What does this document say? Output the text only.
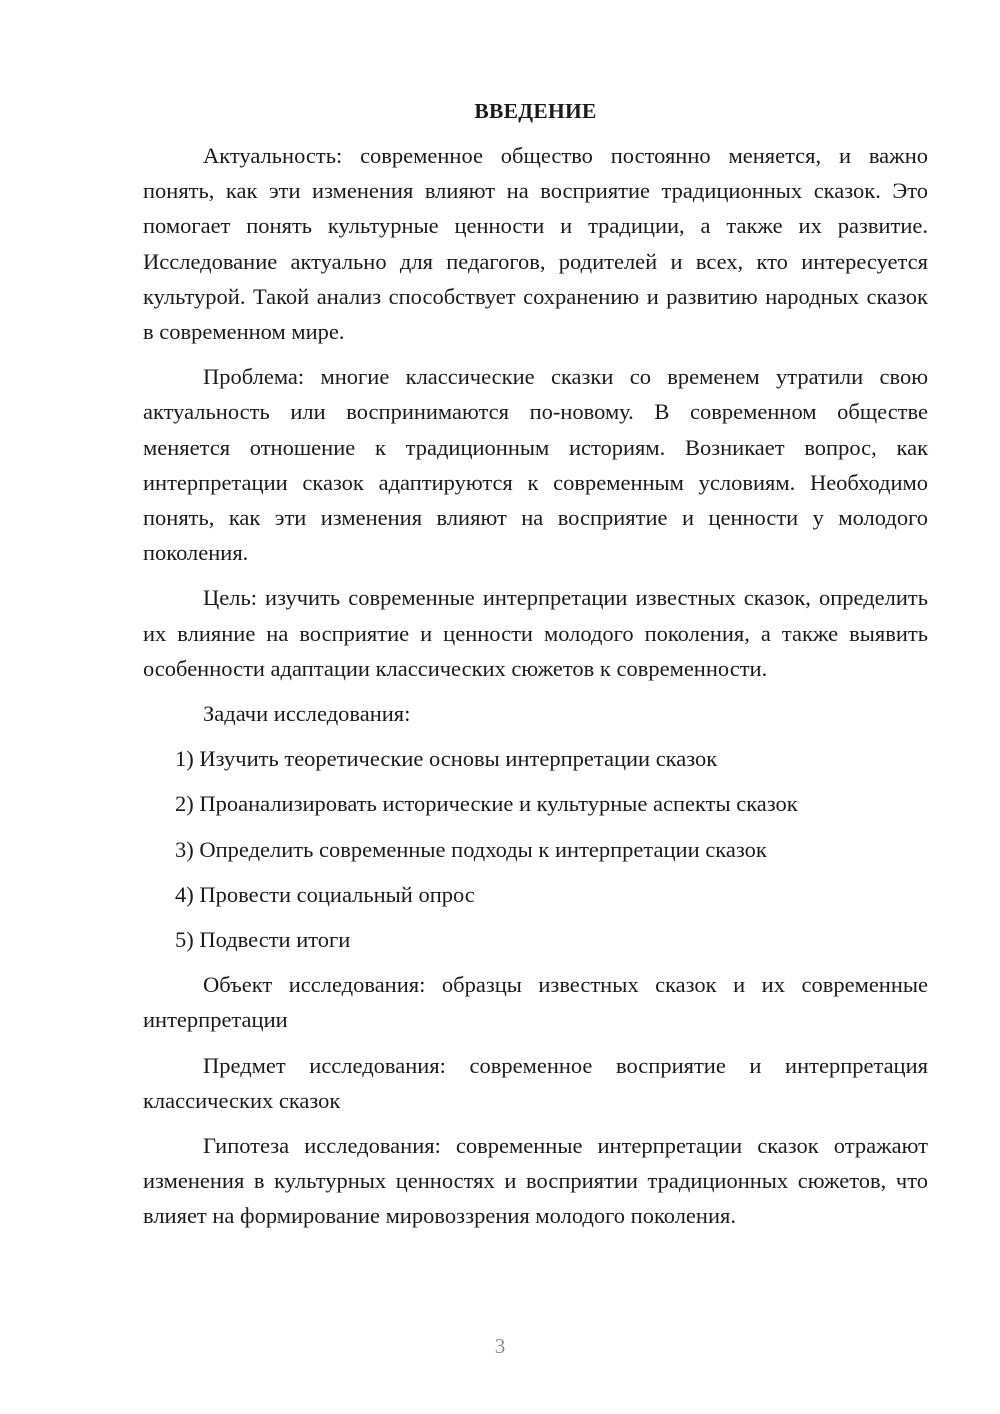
ВВЕДЕНИЕ

Актуальность: современное общество постоянно меняется, и важно понять, как эти изменения влияют на восприятие традиционных сказок. Это помогает понять культурные ценности и традиции, а также их развитие. Исследование актуально для педагогов, родителей и всех, кто интересуется культурой. Такой анализ способствует сохранению и развитию народных сказок в современном мире.

Проблема: многие классические сказки со временем утратили свою актуальность или воспринимаются по-новому. В современном обществе меняется отношение к традиционным историям. Возникает вопрос, как интерпретации сказок адаптируются к современным условиям. Необходимо понять, как эти изменения влияют на восприятие и ценности у молодого поколения.

Цель: изучить современные интерпретации известных сказок, определить их влияние на восприятие и ценности молодого поколения, а также выявить особенности адаптации классических сюжетов к современности.

Задачи исследования:

1) Изучить теоретические основы интерпретации сказок
2) Проанализировать исторические и культурные аспекты сказок
3) Определить современные подходы к интерпретации сказок
4) Провести социальный опрос
5) Подвести итоги

Объект исследования: образцы известных сказок и их современные интерпретации

Предмет исследования: современное восприятие и интерпретация классических сказок

Гипотеза исследования: современные интерпретации сказок отражают изменения в культурных ценностях и восприятии традиционных сюжетов, что влияет на формирование мировоззрения молодого поколения.

3
